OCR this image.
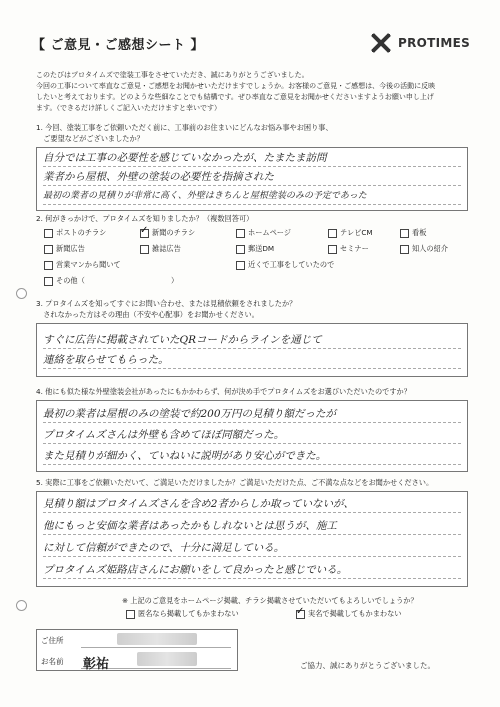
【 ご意見・ご感想シート 】	PROTIMES
このたびはプロタイムズで塗装工事をさせていただき、誠にありがとうございました。
今回の工事について率直なご意見・ご感想をお聞かせいただけますでしょうか。お客様のご意見・ご感想は、今後の活動に反映
したいと考えております。どのような些細なことでも結構です。ぜひ率直なご意見をお聞かせくださいますようお願い申し上げ
ます。（できるだけ詳しくご記入いただけますと幸いです）
1. 今回、塗装工事をご依頼いただく前に、工事前のお住まいにどんなお悩み事やお困り事、
　ご要望などがございましたか？
自分では工事の必要性を感じていなかったが、たまたま訪問
業者から屋根、外壁の塗装の必要性を指摘された
最初の業者の見積りが非常に高く、外壁はきちんと屋根塗装のみの予定であった
2. 何がきっかけで、プロタイムズを知りましたか？（複数回答可）
ポストのチラシ ✓	新聞のチラシ	ホームページ	テレビCM	看板
新聞広告	雑誌広告	郵送DM	セミナー	知人の紹介
営業マンから聞いて	近くで工事をしていたので
その他（　　　　　　　　　　　　）
3. プロタイムズを知ってすぐにお問い合わせ、または見積依頼をされましたか？
　されなかった方はその理由（不安や心配事）をお聞かせください。
すぐに広告に掲載されていたQRコードからラインを通じて
連絡を取らせてもらった。
4. 他にも似た様な外壁塗装会社があったにもかかわらず、何が決め手でプロタイムズをお選びいただいたのですか？
最初の業者は屋根のみの塗装で約200万円の見積り額だったが
プロタイムズさんは外壁も含めてほぼ同額だった。
また見積りが細かく、ていねいに説明があり安心ができた。
5. 実際に工事をご依頼いただいて、ご満足いただけましたか？ご満足いただけた点、ご不満な点などをお聞かせください。
見積り額はプロタイムズさんを含め2者からしか取っていないが、
他にもっと安価な業者はあったかもしれないとは思うが、施工
に対して信頼ができたので、十分に満足している。
プロタイムズ姫路店さんにお願いをして良かったと感じでいる。
※ 上記のご意見をホームページ掲載、チラシ掲載させていただいてもよろしいでしょうか？
匿名なら掲載してもかまわない ✓	実名で掲載してもかまわない
ご住所
お名前 彰祐	ご協力、誠にありがとうございました。
